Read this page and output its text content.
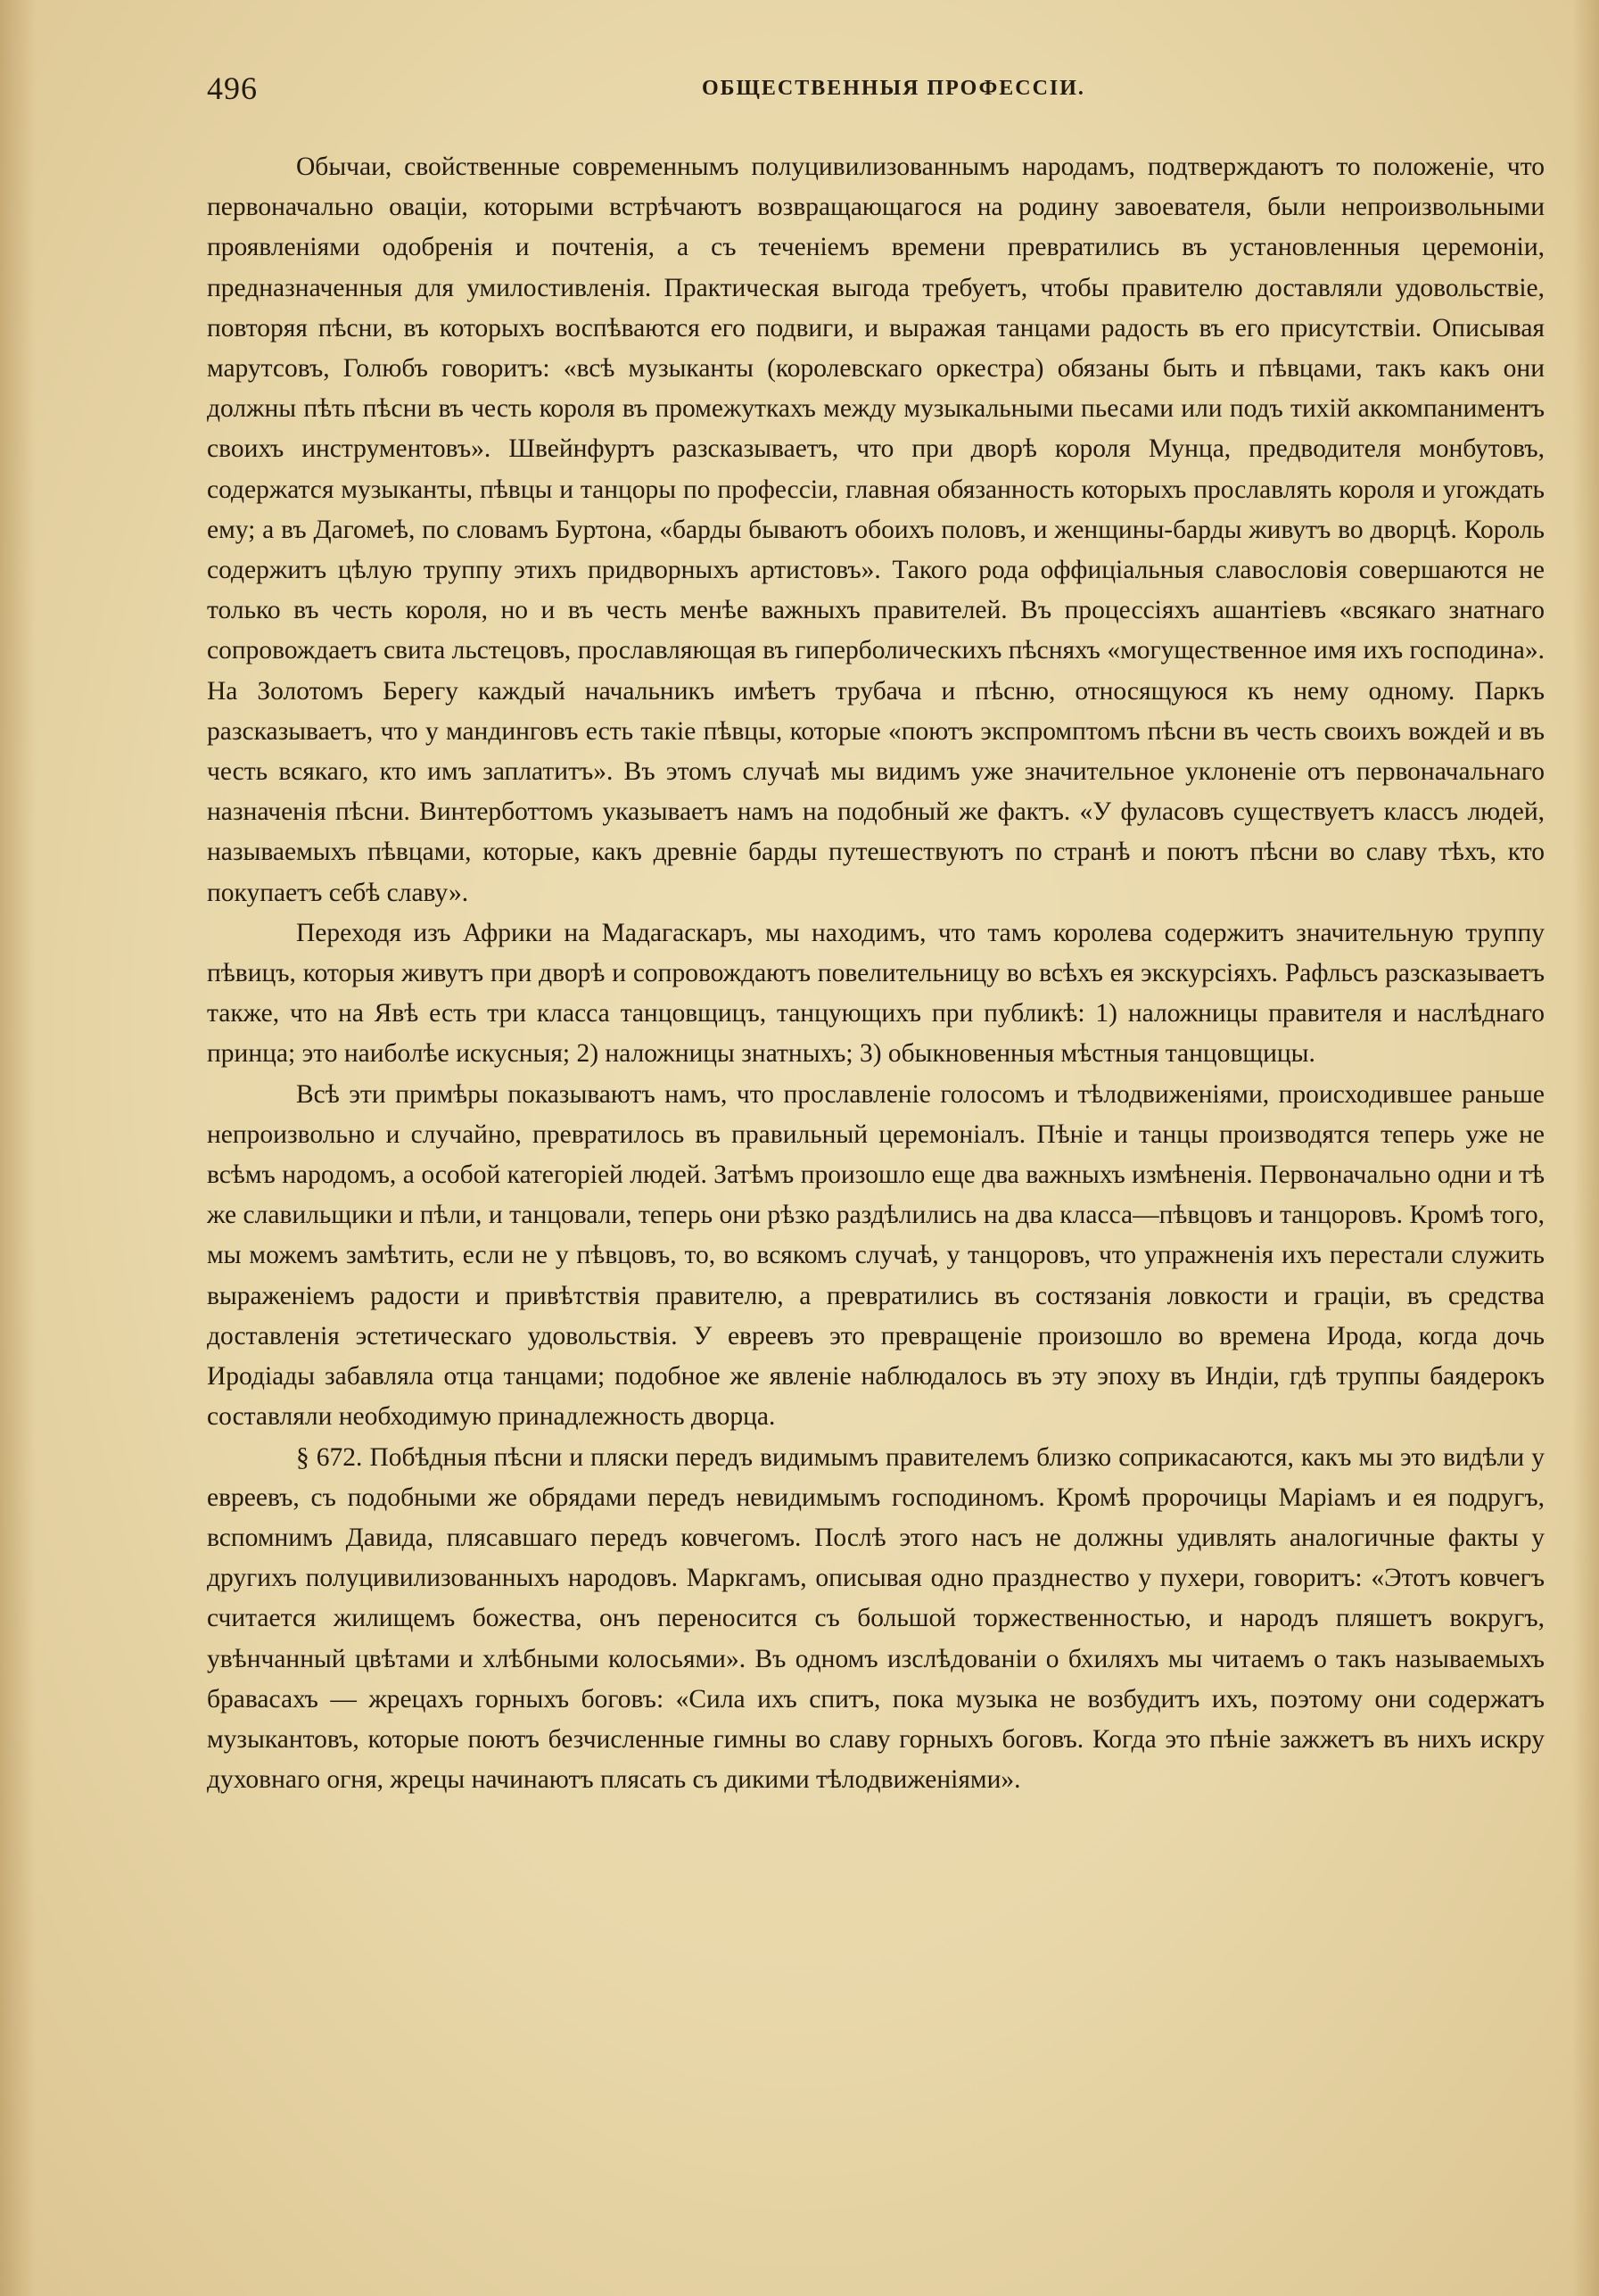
496	ОБЩЕСТВЕННЫЯ ПРОФЕССІИ.

Обычаи, свойственные современнымъ полуцивилизованнымъ народамъ, подтверждаютъ то положеніе, что первоначально оваціи, которыми встрѣчаютъ возвращающагося на родину завоевателя, были непроизвольными проявленіями одобренія и почтенія, а съ теченіемъ времени превратились въ установленныя церемоніи, предназначенныя для умилостивленія. Практическая выгода требуетъ, чтобы правителю доставляли удовольствіе, повторяя пѣсни, въ которыхъ воспѣваются его подвиги, и выражая танцами радость въ его присутствіи. Описывая марутсовъ, Голюбъ говоритъ: «всѣ музыканты (королевскаго оркестра) обязаны быть и пѣвцами, такъ какъ они должны пѣть пѣсни въ честь короля въ промежуткахъ между музыкальными пьесами или подъ тихій аккомпаниментъ своихъ инструментовъ». Швейнфуртъ разсказываетъ, что при дворѣ короля Мунца, предводителя монбутовъ, содержатся музыканты, пѣвцы и танцоры по профессіи, главная обязанность которыхъ прославлять короля и угождать ему; а въ Дагомеѣ, по словамъ Буртона, «барды бываютъ обоихъ половъ, и женщины-барды живутъ во дворцѣ. Король содержитъ цѣлую труппу этихъ придворныхъ артистовъ». Такого рода оффиціальныя славословія совершаются не только въ честь короля, но и въ честь менѣе важныхъ правителей. Въ процессіяхъ ашантіевъ «всякаго знатнаго сопровождаетъ свита льстецовъ, прославляющая въ гиперболическихъ пѣсняхъ «могущественное имя ихъ господина». На Золотомъ Берегу каждый начальникъ имѣетъ трубача и пѣсню, относящуюся къ нему одному. Паркъ разсказываетъ, что у мандинговъ есть такіе пѣвцы, которые «поютъ экспромптомъ пѣсни въ честь своихъ вождей и въ честь всякаго, кто имъ заплатитъ». Въ этомъ случаѣ мы видимъ уже значительное уклоненіе отъ первоначальнаго назначенія пѣсни. Винтерботтомъ указываетъ намъ на подобный же фактъ. «У фуласовъ существуетъ классъ людей, называемыхъ пѣвцами, которые, какъ древніе барды путешествуютъ по странѣ и поютъ пѣсни во славу тѣхъ, кто покупаетъ себѣ славу».

Переходя изъ Африки на Мадагаскаръ, мы находимъ, что тамъ королева содержитъ значительную труппу пѣвицъ, которыя живутъ при дворѣ и сопровождаютъ повелительницу во всѣхъ ея экскурсіяхъ. Рафльсъ разсказываетъ также, что на Явѣ есть три класса танцовщицъ, танцующихъ при публикѣ: 1) наложницы правителя и наслѣднаго принца; это наиболѣе искусныя; 2) наложницы знатныхъ; 3) обыкновенныя мѣстныя танцовщицы.

Всѣ эти примѣры показываютъ намъ, что прославленіе голосомъ и тѣлодвиженіями, происходившее раньше непроизвольно и случайно, превратилось въ правильный церемоніалъ. Пѣніе и танцы производятся теперь уже не всѣмъ народомъ, а особой категоріей людей. Затѣмъ произошло еще два важныхъ измѣненія. Первоначально одни и тѣ же славильщики и пѣли, и танцовали, теперь они рѣзко раздѣлились на два класса—пѣвцовъ и танцоровъ. Кромѣ того, мы можемъ замѣтить, если не у пѣвцовъ, то, во всякомъ случаѣ, у танцоровъ, что упражненія ихъ перестали служить выраженіемъ радости и привѣтствія правителю, а превратились въ состязанія ловкости и граціи, въ средства доставленія эстетическаго удовольствія. У евреевъ это превращеніе произошло во времена Ирода, когда дочь Иродіады забавляла отца танцами; подобное же явленіе наблюдалось въ эту эпоху въ Индіи, гдѣ труппы баядерокъ составляли необходимую принадлежность дворца.

§ 672. Побѣдныя пѣсни и пляски передъ видимымъ правителемъ близко соприкасаются, какъ мы это видѣли у евреевъ, съ подобными же обрядами передъ невидимымъ господиномъ. Кромѣ пророчицы Маріамъ и ея подругъ, вспомнимъ Давида, плясавшаго передъ ковчегомъ. Послѣ этого насъ не должны удивлять аналогичные факты у другихъ полуцивилизованныхъ народовъ. Маркгамъ, описывая одно празднество у пухери, говоритъ: «Этотъ ковчегъ считается жилищемъ божества, онъ переносится съ большой торжественностью, и народъ пляшетъ вокругъ, увѣнчанный цвѣтами и хлѣбными колосьями». Въ одномъ изслѣдованіи о бхиляхъ мы читаемъ о такъ называемыхъ бравасахъ — жрецахъ горныхъ боговъ: «Сила ихъ спитъ, пока музыка не возбудитъ ихъ, поэтому они содержатъ музыкантовъ, которые поютъ безчисленные гимны во славу горныхъ боговъ. Когда это пѣніе зажжетъ въ нихъ искру духовнаго огня, жрецы начинаютъ плясать съ дикими тѣлодвиженіями».
